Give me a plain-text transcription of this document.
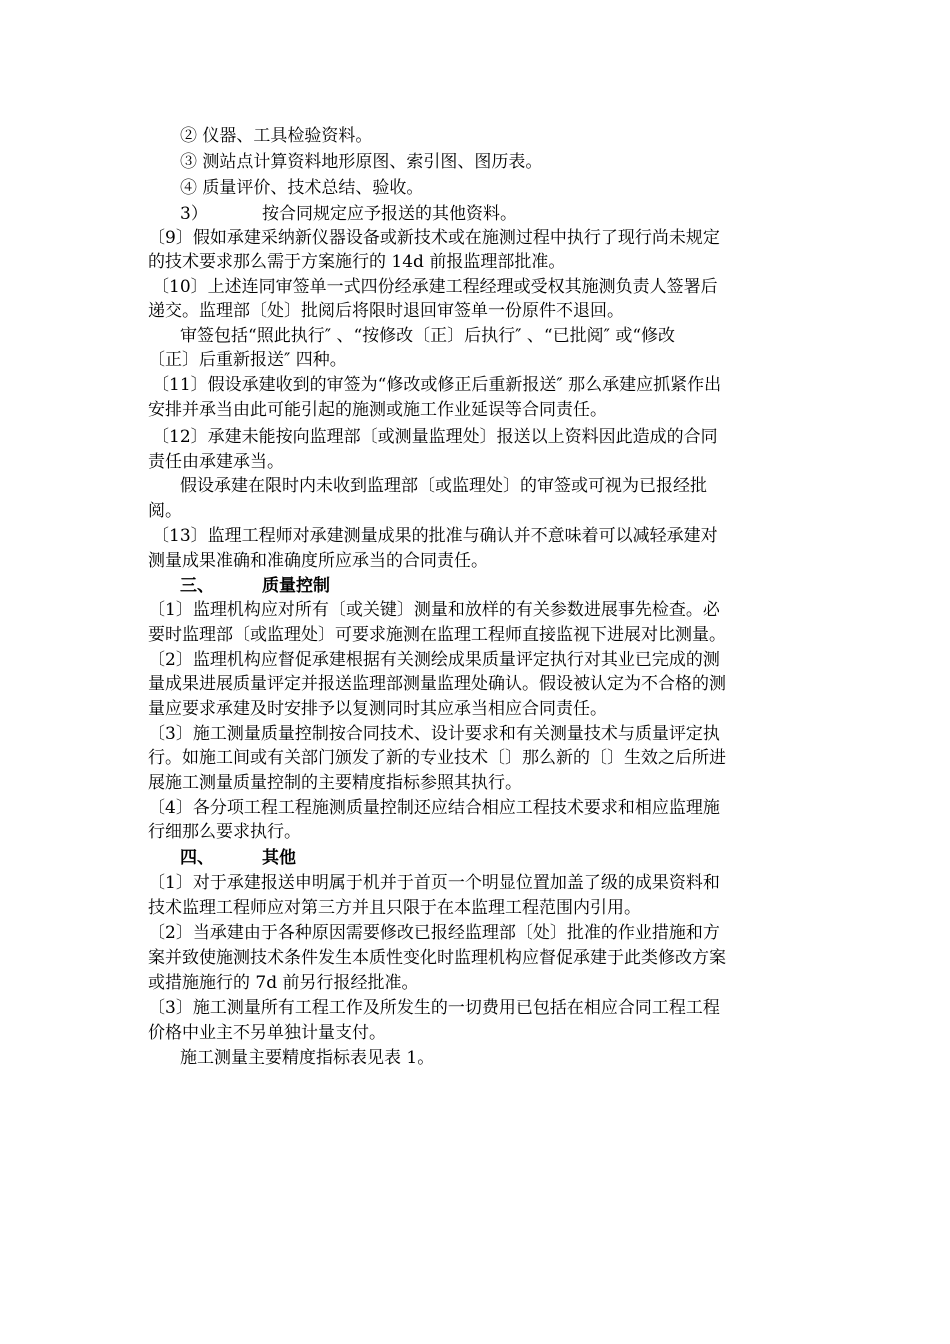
② 仪器、工具检验资料。
③ 测站点计算资料地形原图、索引图、图历表。
④ 质量评价、技术总结、验收。
3）	按合同规定应予报送的其他资料。
〔9〕假如承建采纳新仪器设备或新技术或在施测过程中执行了现行尚未规定
的技术要求那么需于方案施行的 14d 前报监理部批准。
〔10〕上述连同审签单一式四份经承建工程经理或受权其施测负责人签署后
递交。监理部〔处〕批阅后将限时退回审签单一份原件不退回。
审签包括“照此执行″ 、“按修改〔正〕后执行″ 、“已批阅″ 或“修改
〔正〕后重新报送″ 四种。
〔11〕假设承建收到的审签为“修改或修正后重新报送″ 那么承建应抓紧作出
安排并承当由此可能引起的施测或施工作业延误等合同责任。
〔12〕承建未能按向监理部〔或测量监理处〕报送以上资料因此造成的合同
责任由承建承当。
假设承建在限时内未收到监理部〔或监理处〕的审签或可视为已报经批
阅。
〔13〕监理工程师对承建测量成果的批准与确认并不意味着可以减轻承建对
测量成果准确和准确度所应承当的合同责任。
三、	质量控制
〔1〕监理机构应对所有〔或关键〕测量和放样的有关参数进展事先检查。必
要时监理部〔或监理处〕可要求施测在监理工程师直接监视下进展对比测量。
〔2〕监理机构应督促承建根据有关测绘成果质量评定执行对其业已完成的测
量成果进展质量评定并报送监理部测量监理处确认。假设被认定为不合格的测
量应要求承建及时安排予以复测同时其应承当相应合同责任。
〔3〕施工测量质量控制按合同技术、设计要求和有关测量技术与质量评定执
行。如施工间或有关部门颁发了新的专业技术〔〕那么新的〔〕生效之后所进
展施工测量质量控制的主要精度指标参照其执行。
〔4〕各分项工程工程施测质量控制还应结合相应工程技术要求和相应监理施
行细那么要求执行。
四、	其他
〔1〕对于承建报送申明属于机并于首页一个明显位置加盖了级的成果资料和
技术监理工程师应对第三方并且只限于在本监理工程范围内引用。
〔2〕当承建由于各种原因需要修改已报经监理部〔处〕批准的作业措施和方
案并致使施测技术条件发生本质性变化时监理机构应督促承建于此类修改方案
或措施施行的 7d 前另行报经批准。
〔3〕施工测量所有工程工作及所发生的一切费用已包括在相应合同工程工程
价格中业主不另单独计量支付。
施工测量主要精度指标表见表 1。
